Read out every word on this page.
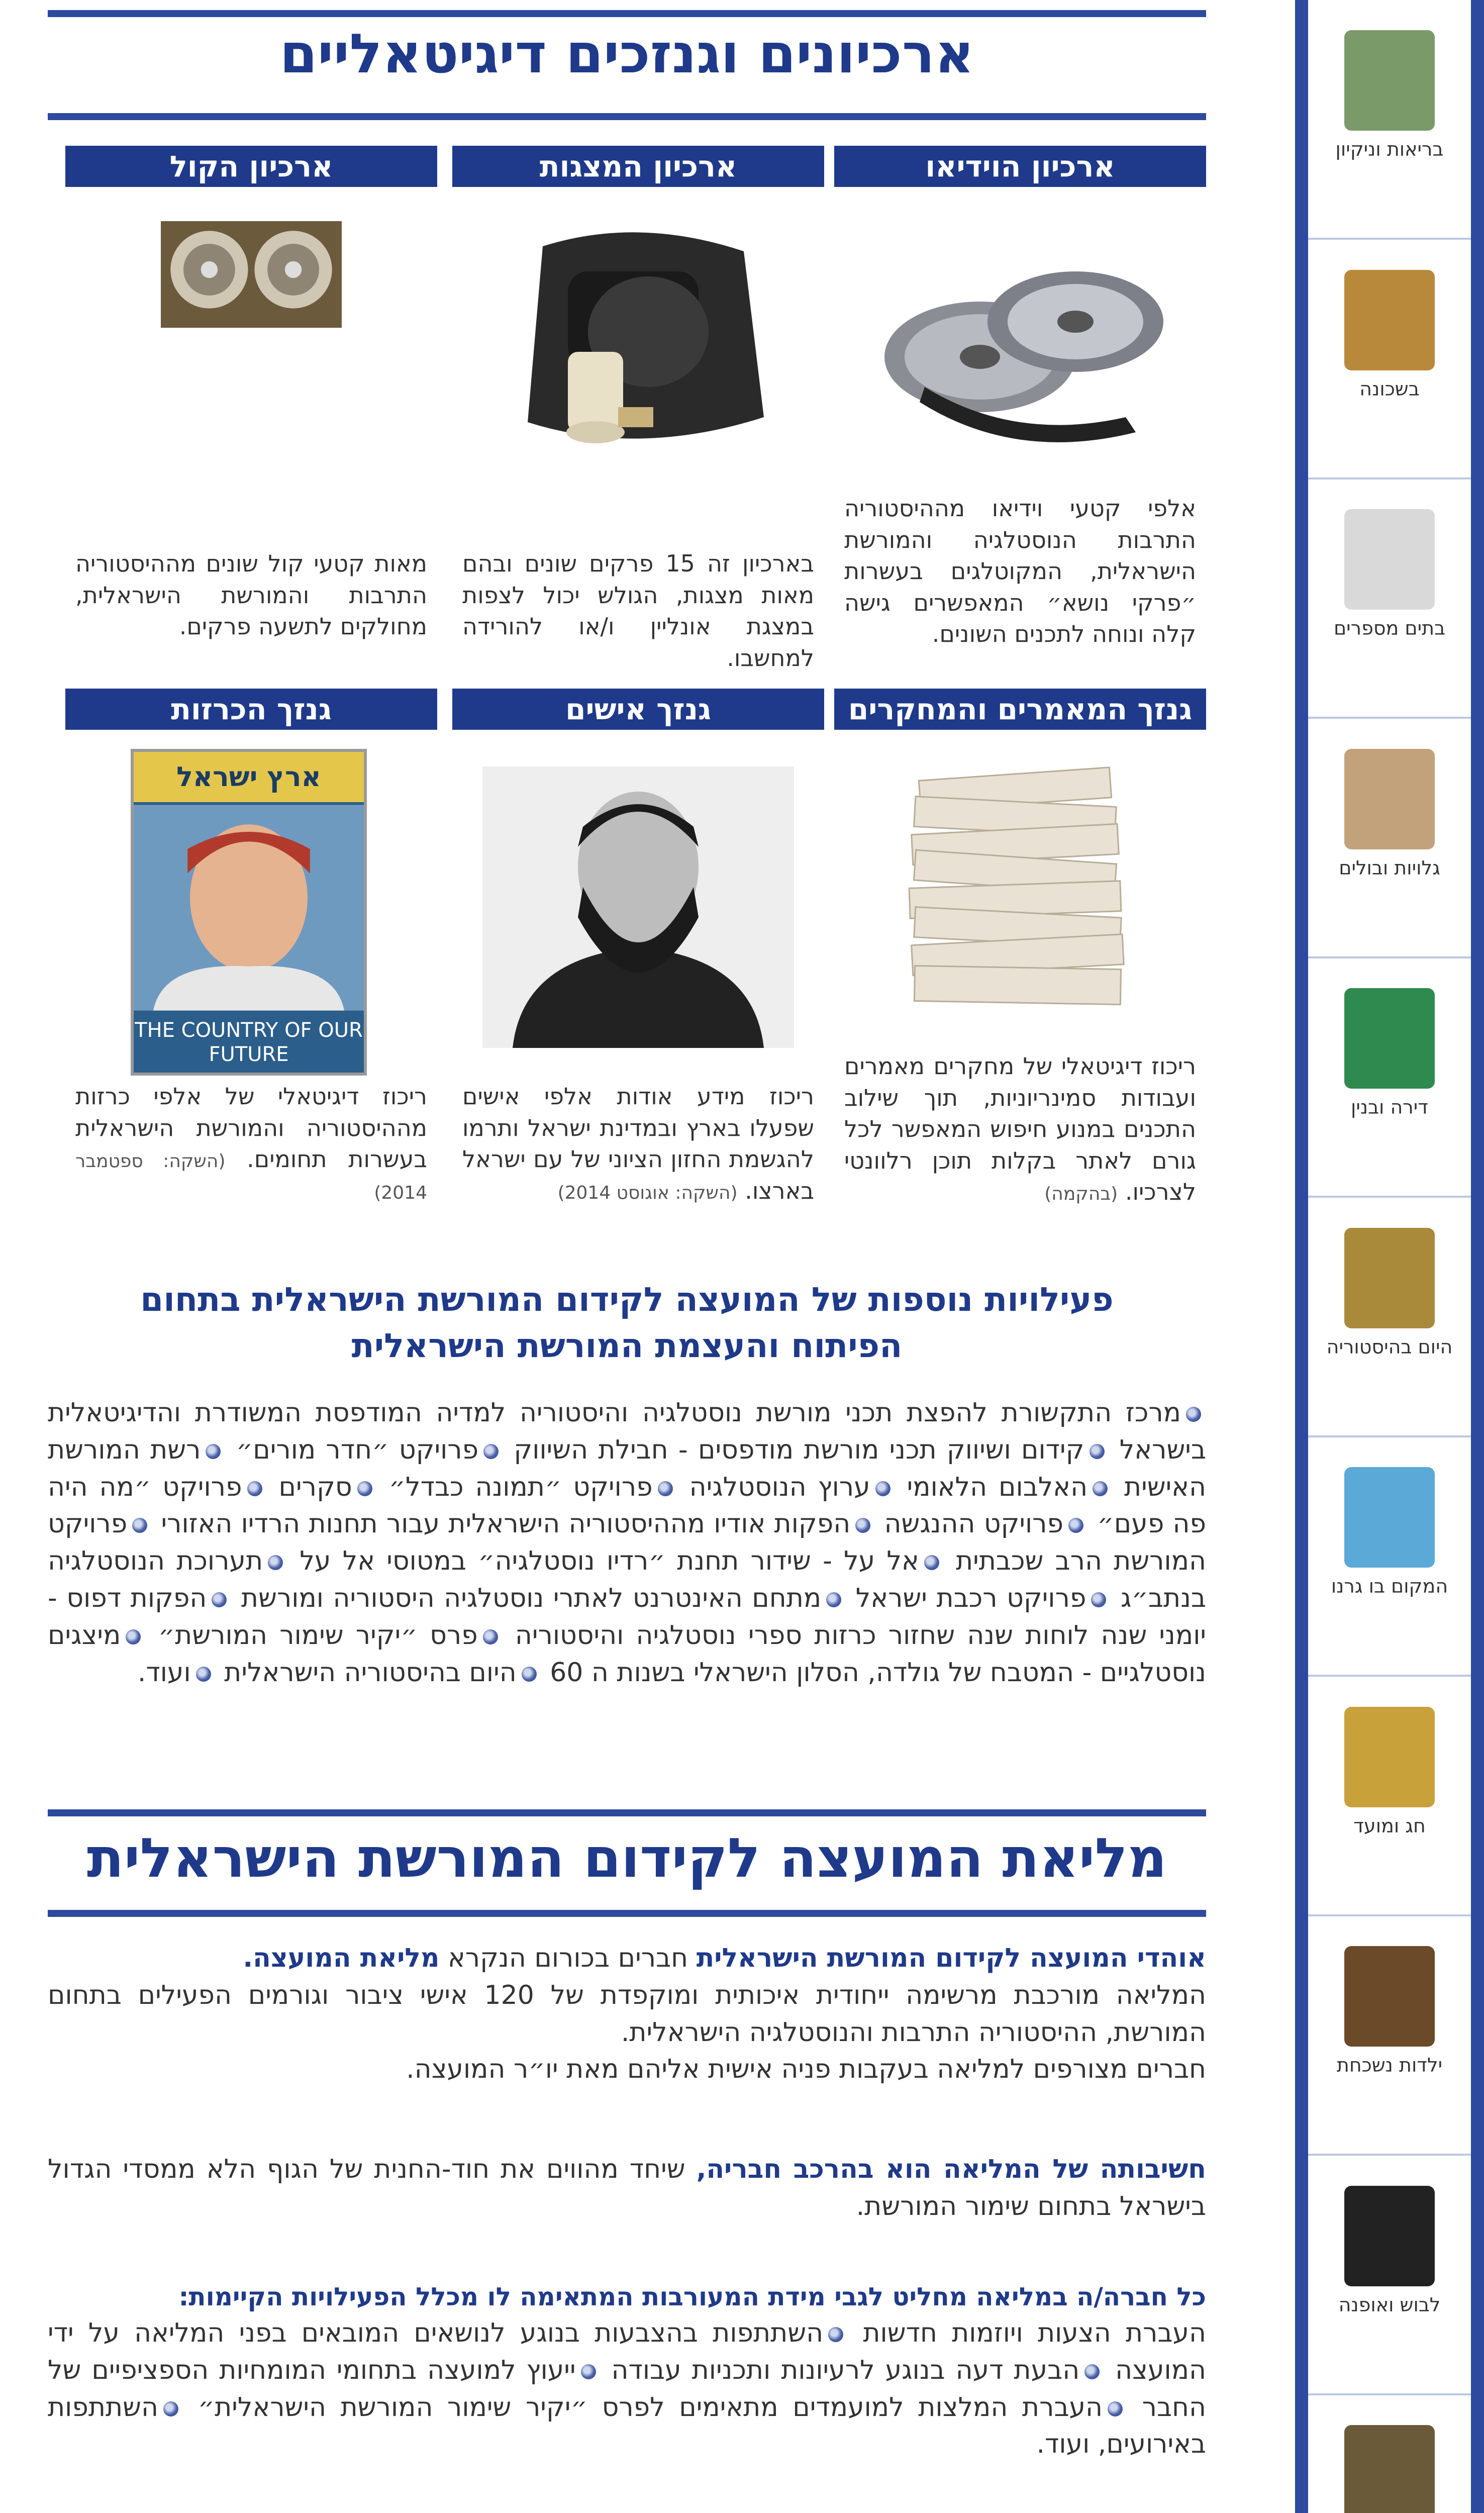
ארכיונים וגנזכים דיגיטאליים
ארכיון הוידיאו
אלפי קטעי וידיאו מההיסטוריה התרבות הנוסטלגיה והמורשת הישראלית, המקוטלגים בעשרות ״פרקי נושא״ המאפשרים גישה קלה ונוחה לתכנים השונים.
ארכיון המצגות
בארכיון זה 15 פרקים שונים ובהם מאות מצגות, הגולש יכול לצפות במצגת אונליין ו/או להורידה למחשבו.
ארכיון הקול
מאות קטעי קול שונים מההיסטוריה התרבות והמורשת הישראלית, מחולקים לתשעה פרקים.
גנזך המאמרים והמחקרים
ריכוז דיגיטאלי של מחקרים מאמרים ועבודות סמינריוניות, תוך שילוב התכנים במנוע חיפוש המאפשר לכל גורם לאתר בקלות תוכן רלוונטי לצרכיו. (בהקמה)
גנזך אישים
ריכוז מידע אודות אלפי אישים שפעלו בארץ ובמדינת ישראל ותרמו להגשמת החזון הציוני של עם ישראל בארצו. (השקה: אוגוסט 2014)
גנזך הכרזות
ארץ ישראל
THE COUNTRY OF OUR FUTURE
ריכוז דיגיטאלי של אלפי כרזות מההיסטוריה והמורשת הישראלית בעשרות תחומים. (השקה: ספטמבר 2014)
פעילויות נוספות של המועצה לקידום המורשת הישראלית בתחום
הפיתוח והעצמת המורשת הישראלית
מרכז התקשורת להפצת תכני מורשת נוסטלגיה והיסטוריה למדיה המודפסת המשודרת והדיגיטאלית בישראל קידום ושיווק תכני מורשת מודפסים - חבילת השיווק פרויקט ״חדר מורים״ רשת המורשת האישית האלבום הלאומי ערוץ הנוסטלגיה פרויקט ״תמונה כבדל״ סקרים פרויקט ״מה היה פה פעם״ פרויקט ההנגשה הפקות אודיו מההיסטוריה הישראלית עבור תחנות הרדיו האזורי פרויקט המורשת הרב שכבתית אל על - שידור תחנת ״רדיו נוסטלגיה״ במטוסי אל על תערוכת הנוסטלגיה בנתב״ג פרויקט רכבת ישראל מתחם האינטרנט לאתרי נוסטלגיה היסטוריה ומורשת הפקות דפוס - יומני שנה לוחות שנה שחזור כרזות ספרי נוסטלגיה והיסטוריה פרס ״יקיר שימור המורשת״ מיצגים נוסטלגיים - המטבח של גולדה, הסלון הישראלי בשנות ה 60 היום בהיסטוריה הישראלית ועוד.
מליאת המועצה לקידום המורשת הישראלית
אוהדי המועצה לקידום המורשת הישראלית חברים בכורום הנקרא מליאת המועצה.
המליאה מורכבת מרשימה ייחודית איכותית ומוקפדת של 120 אישי ציבור וגורמים הפעילים בתחום המורשת, ההיסטוריה התרבות והנוסטלגיה הישראלית.
חברים מצורפים למליאה בעקבות פניה אישית אליהם מאת יו״ר המועצה.
חשיבותה של המליאה הוא בהרכב חבריה, שיחד מהווים את חוד-החנית של הגוף הלא ממסדי הגדול בישראל בתחום שימור המורשת.
כל חברה/ה במליאה מחליט לגבי מידת המעורבות המתאימה לו מכלל הפעילויות הקיימות:
העברת הצעות ויוזמות חדשות השתתפות בהצבעות בנוגע לנושאים המובאים בפני המליאה על ידי המועצה הבעת דעה בנוגע לרעיונות ותכניות עבודה ייעוץ למועצה בתחומי המומחיות הספציפיים של החבר העברת המלצות למועמדים מתאימים לפרס ״יקיר שימור המורשת הישראלית״ השתתפות באירועים, ועוד.
בריאות וניקיון
בשכונה
בתים מספרים
גלויות ובולים
דירה ובנין
היום בהיסטוריה
המקום בו גרנו
חג ומועד
ילדות נשכחת
לבוש ואופנה
